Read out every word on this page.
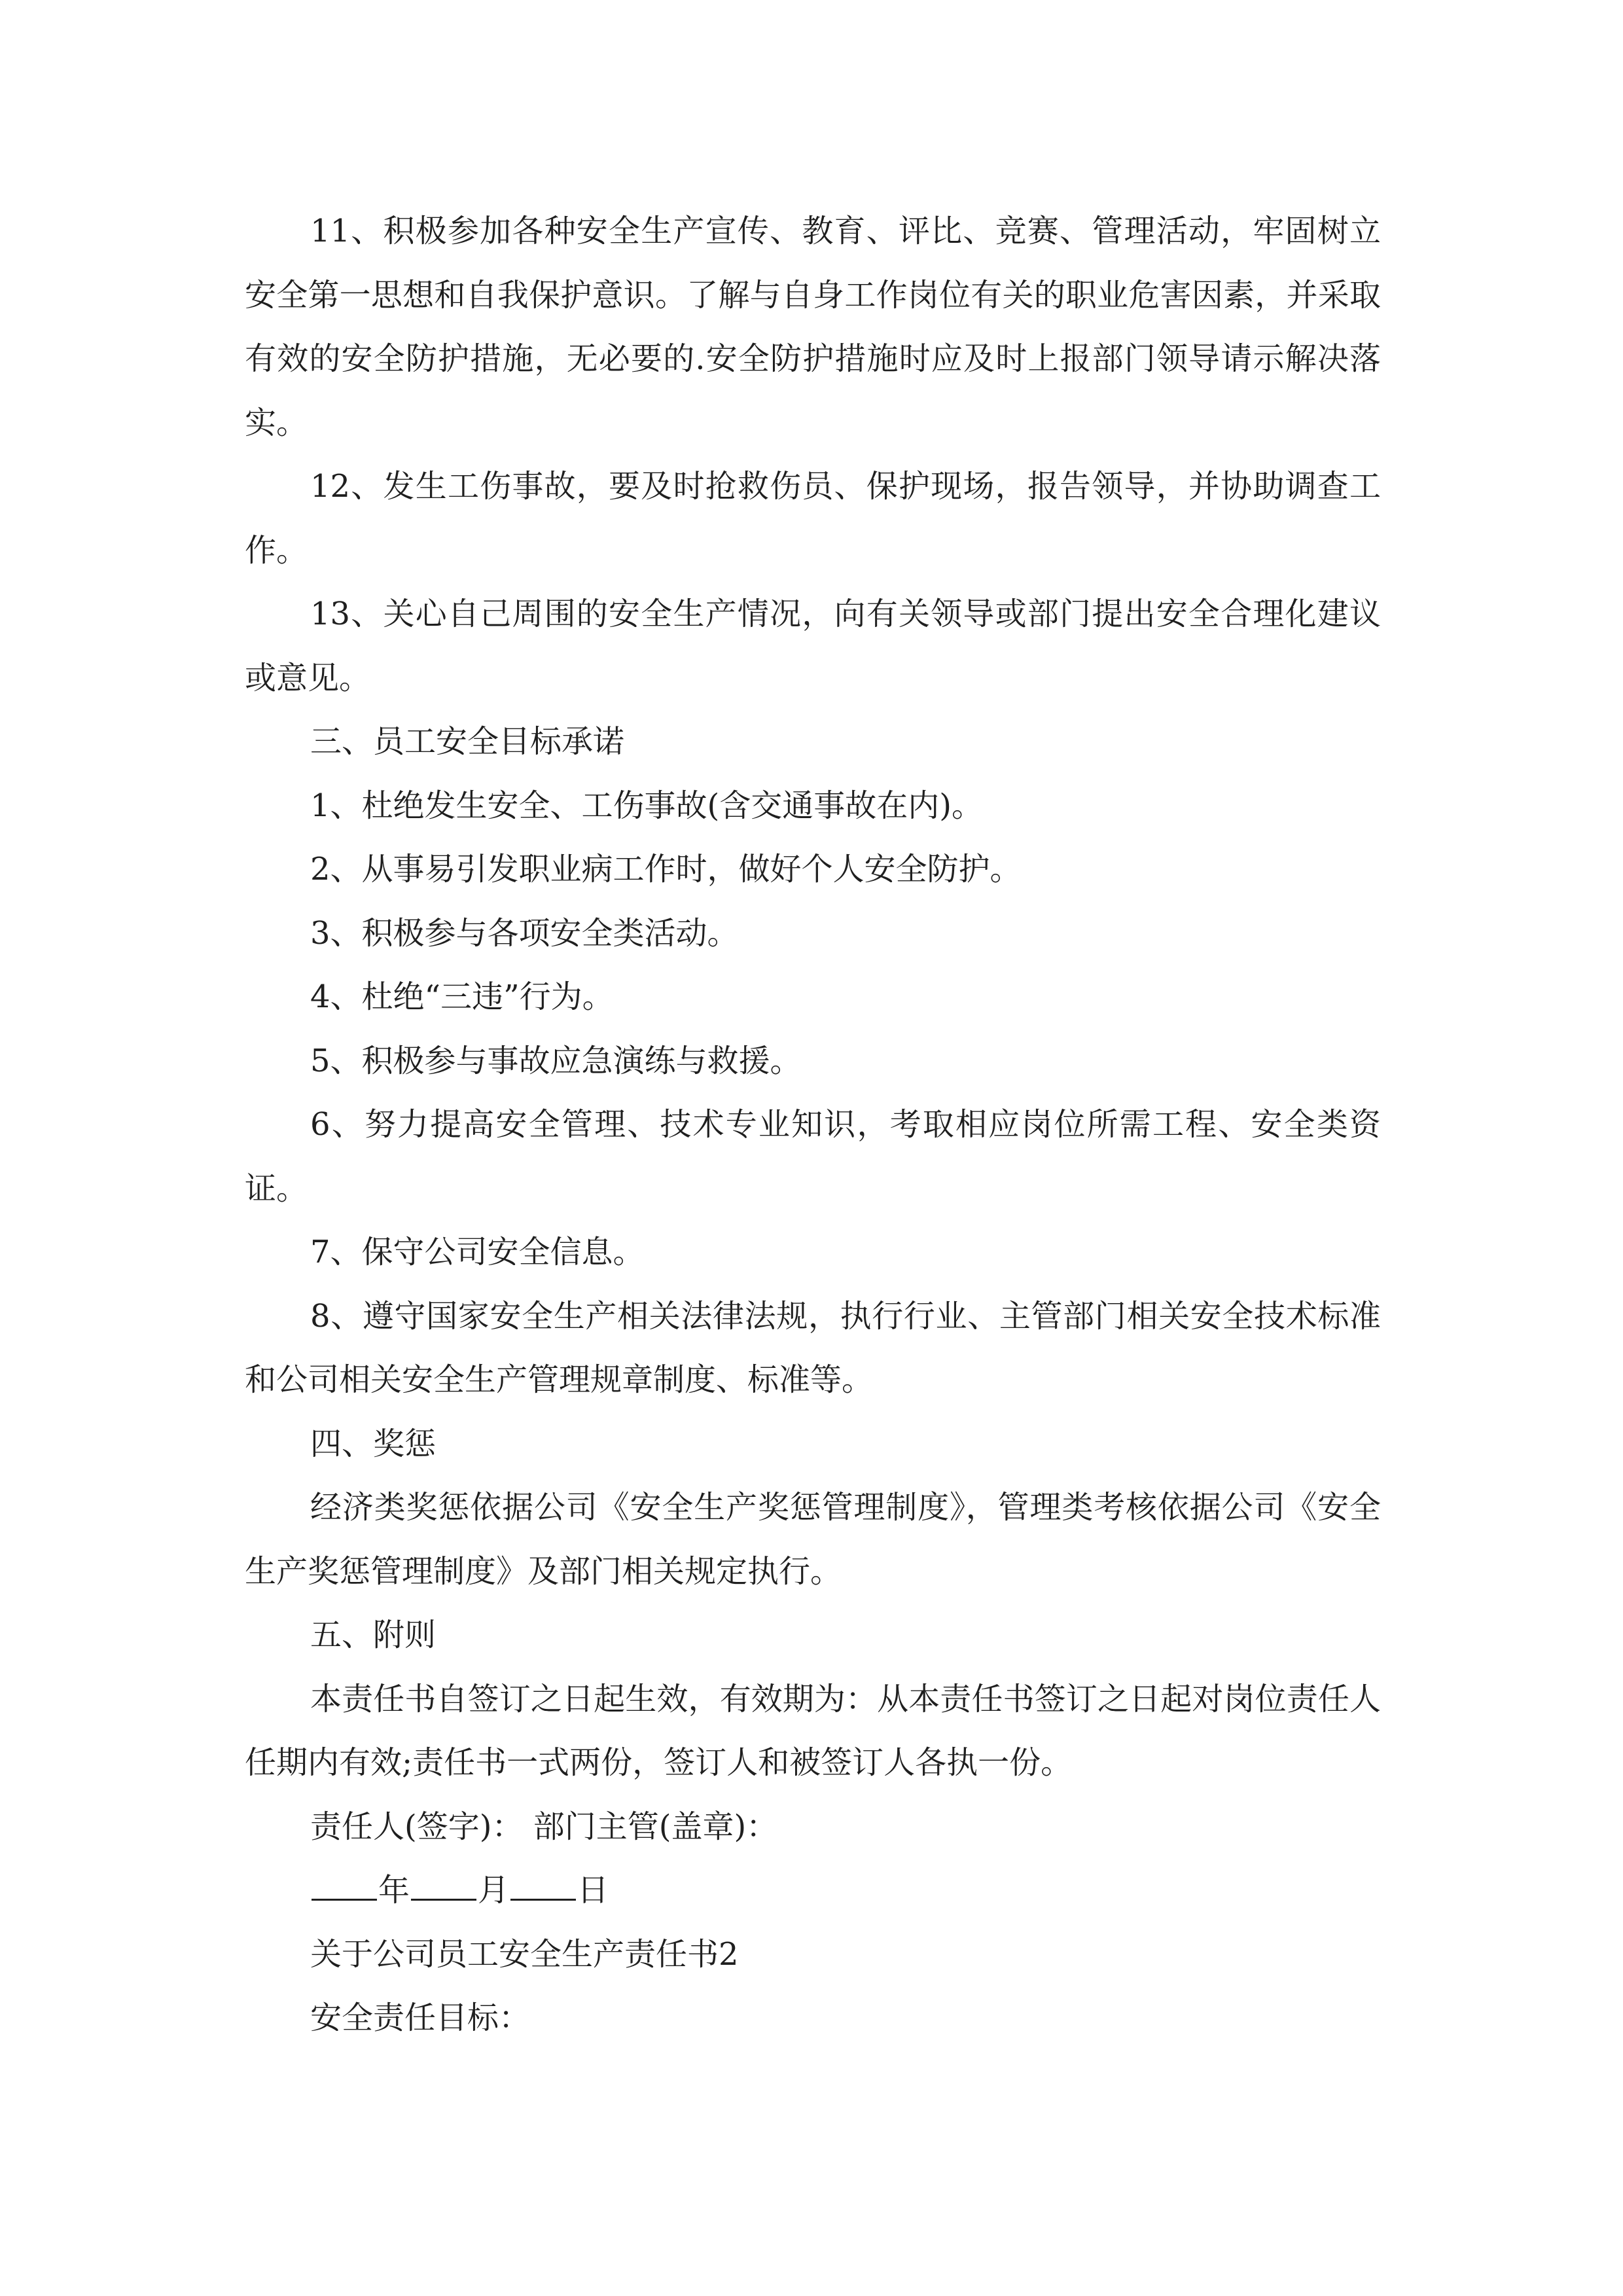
11、积极参加各种安全生产宣传、教育、评比、竞赛、管理活动，牢固树立安全第一思想和自我保护意识。了解与自身工作岗位有关的职业危害因素，并采取有效的安全防护措施，无必要的.安全防护措施时应及时上报部门领导请示解决落实。

12、发生工伤事故，要及时抢救伤员、保护现场，报告领导，并协助调查工作。

13、关心自己周围的安全生产情况，向有关领导或部门提出安全合理化建议或意见。

三、员工安全目标承诺

1、杜绝发生安全、工伤事故(含交通事故在内)。

2、从事易引发职业病工作时，做好个人安全防护。

3、积极参与各项安全类活动。

4、杜绝“三违”行为。

5、积极参与事故应急演练与救援。

6、努力提高安全管理、技术专业知识，考取相应岗位所需工程、安全类资证。

7、保守公司安全信息。

8、遵守国家安全生产相关法律法规，执行行业、主管部门相关安全技术标准和公司相关安全生产管理规章制度、标准等。

四、奖惩

经济类奖惩依据公司《安全生产奖惩管理制度》，管理类考核依据公司《安全生产奖惩管理制度》及部门相关规定执行。

五、附则

本责任书自签订之日起生效，有效期为：从本责任书签订之日起对岗位责任人任期内有效;责任书一式两份，签订人和被签订人各执一份。

责任人(签字)： 部门主管(盖章)：

年 月 日

关于公司员工安全生产责任书2

安全责任目标：
